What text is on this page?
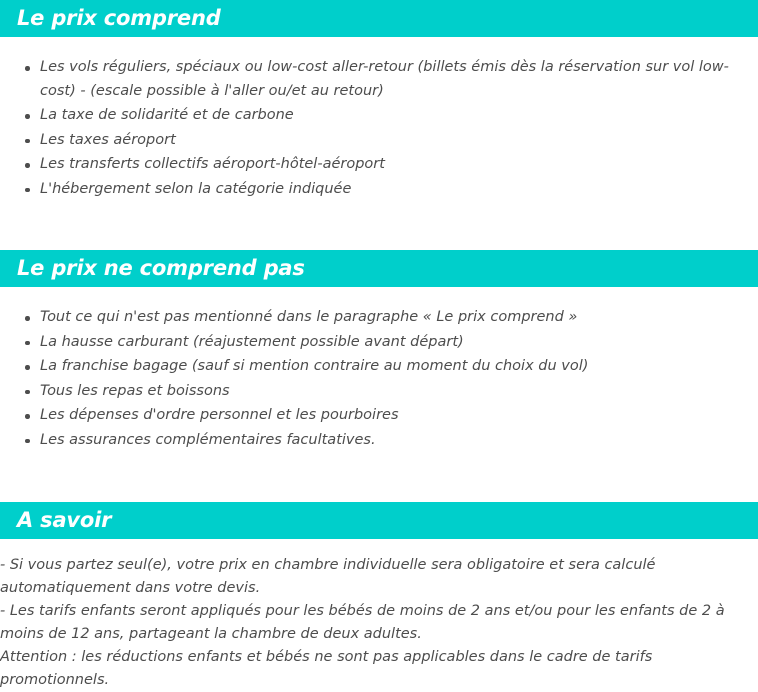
Le prix comprend
Les vols réguliers, spéciaux ou low-cost aller-retour (billets émis dès la réservation sur vol low-cost) - (escale possible à l'aller ou/et au retour)
La taxe de solidarité et de carbone
Les taxes aéroport
Les transferts collectifs aéroport-hôtel-aéroport
L'hébergement selon la catégorie indiquée
Le prix ne comprend pas
Tout ce qui n'est pas mentionné dans le paragraphe « Le prix comprend »
La hausse carburant (réajustement possible avant départ)
La franchise bagage (sauf si mention contraire au moment du choix du vol)
Tous les repas et boissons
Les dépenses d'ordre personnel et les pourboires
Les assurances complémentaires facultatives.
A savoir

- Si vous partez seul(e), votre prix en chambre individuelle sera obligatoire et sera calculé automatiquement dans votre devis.

- Les tarifs enfants seront appliqués pour les bébés de moins de 2 ans et/ou pour les enfants de 2 à moins de 12 ans, partageant la chambre de deux adultes.

Attention : les réductions enfants et bébés ne sont pas applicables dans le cadre de tarifs promotionnels.
